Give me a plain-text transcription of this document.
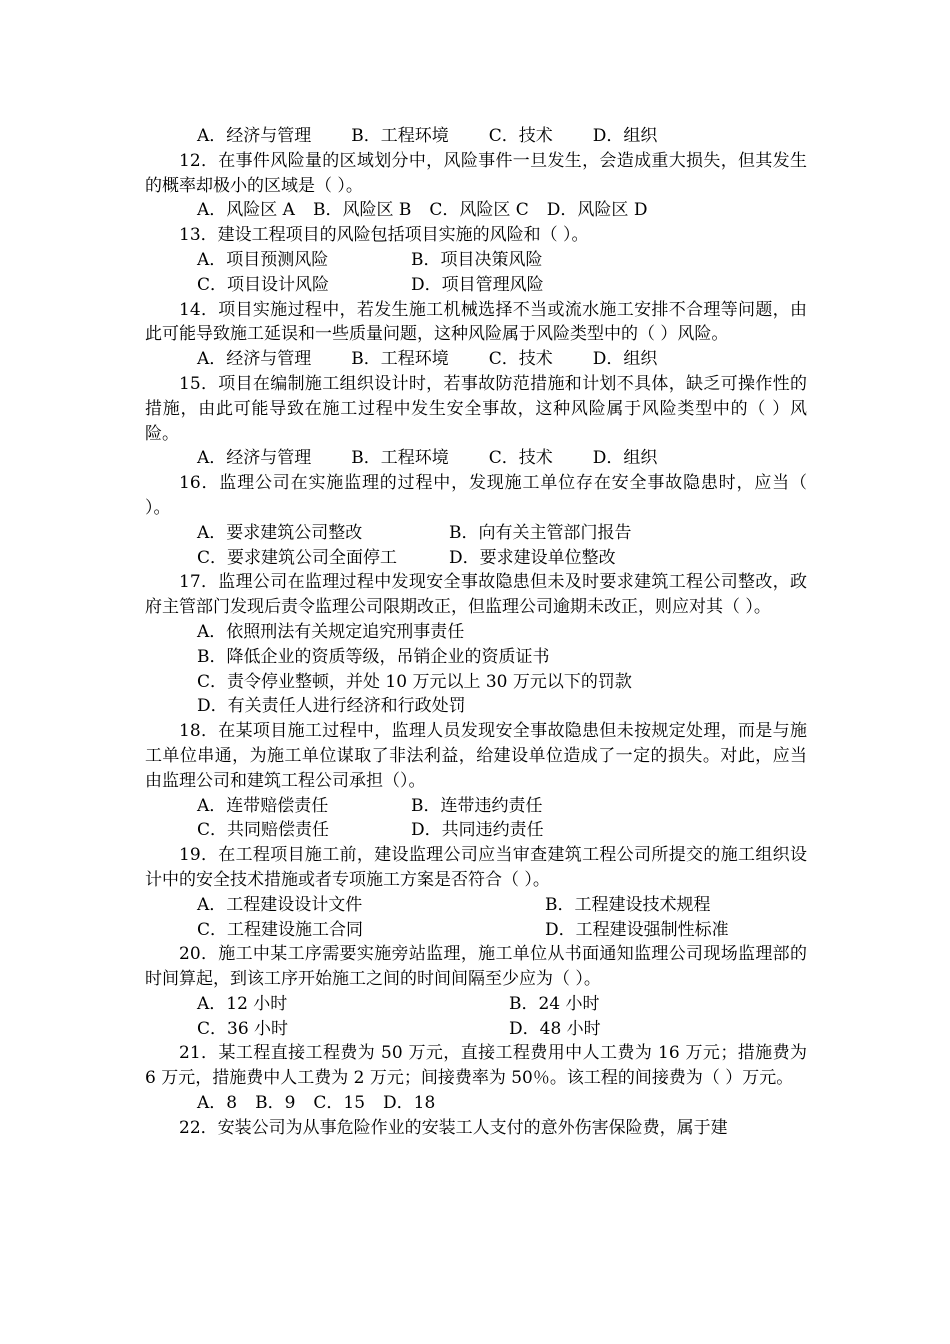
A．经济与管理 B．工程环境 C．技术 D．组织
12．在事件风险量的区域划分中，风险事件一旦发生，会造成重大损失，但其发生的概率却极小的区域是（ ）。
A．风险区 A B．风险区 B C．风险区 C D．风险区 D
13．建设工程项目的风险包括项目实施的风险和（ ）。
A．项目预测风险	B．项目决策风险
C．项目设计风险	D．项目管理风险
14．项目实施过程中，若发生施工机械选择不当或流水施工安排不合理等问题，由此可能导致施工延误和一些质量问题，这种风险属于风险类型中的（ ）风险。
A．经济与管理 B．工程环境 C．技术 D．组织
15．项目在编制施工组织设计时，若事故防范措施和计划不具体，缺乏可操作性的措施，由此可能导致在施工过程中发生安全事故，这种风险属于风险类型中的（ ）风险。
A．经济与管理 B．工程环境 C．技术 D．组织
16．监理公司在实施监理的过程中，发现施工单位存在安全事故隐患时，应当（ ）。
A．要求建筑公司整改	B．向有关主管部门报告
C．要求建筑公司全面停工	D．要求建设单位整改
17．监理公司在监理过程中发现安全事故隐患但未及时要求建筑工程公司整改，政府主管部门发现后责令监理公司限期改正，但监理公司逾期未改正，则应对其（ ）。
A．依照刑法有关规定追究刑事责任
B．降低企业的资质等级，吊销企业的资质证书
C．责令停业整顿，并处 10 万元以上 30 万元以下的罚款
D．有关责任人进行经济和行政处罚
18．在某项目施工过程中，监理人员发现安全事故隐患但未按规定处理，而是与施工单位串通，为施工单位谋取了非法利益，给建设单位造成了一定的损失。对此，应当由监理公司和建筑工程公司承担（）。
A．连带赔偿责任	B．连带违约责任
C．共同赔偿责任	D．共同违约责任
19．在工程项目施工前，建设监理公司应当审查建筑工程公司所提交的施工组织设计中的安全技术措施或者专项施工方案是否符合（ ）。
A．工程建设设计文件	B．工程建设技术规程
C．工程建设施工合同	D．工程建设强制性标准
20．施工中某工序需要实施旁站监理，施工单位从书面通知监理公司现场监理部的时间算起，到该工序开始施工之间的时间间隔至少应为（ ）。
A．12 小时	B．24 小时
C．36 小时	D．48 小时
21．某工程直接工程费为 50 万元，直接工程费用中人工费为 16 万元；措施费为 6 万元，措施费中人工费为 2 万元；间接费率为 50％。该工程的间接费为（ ）万元。
A．8 B．9 C．15 D．18
22．安装公司为从事危险作业的安装工人支付的意外伤害保险费，属于建
